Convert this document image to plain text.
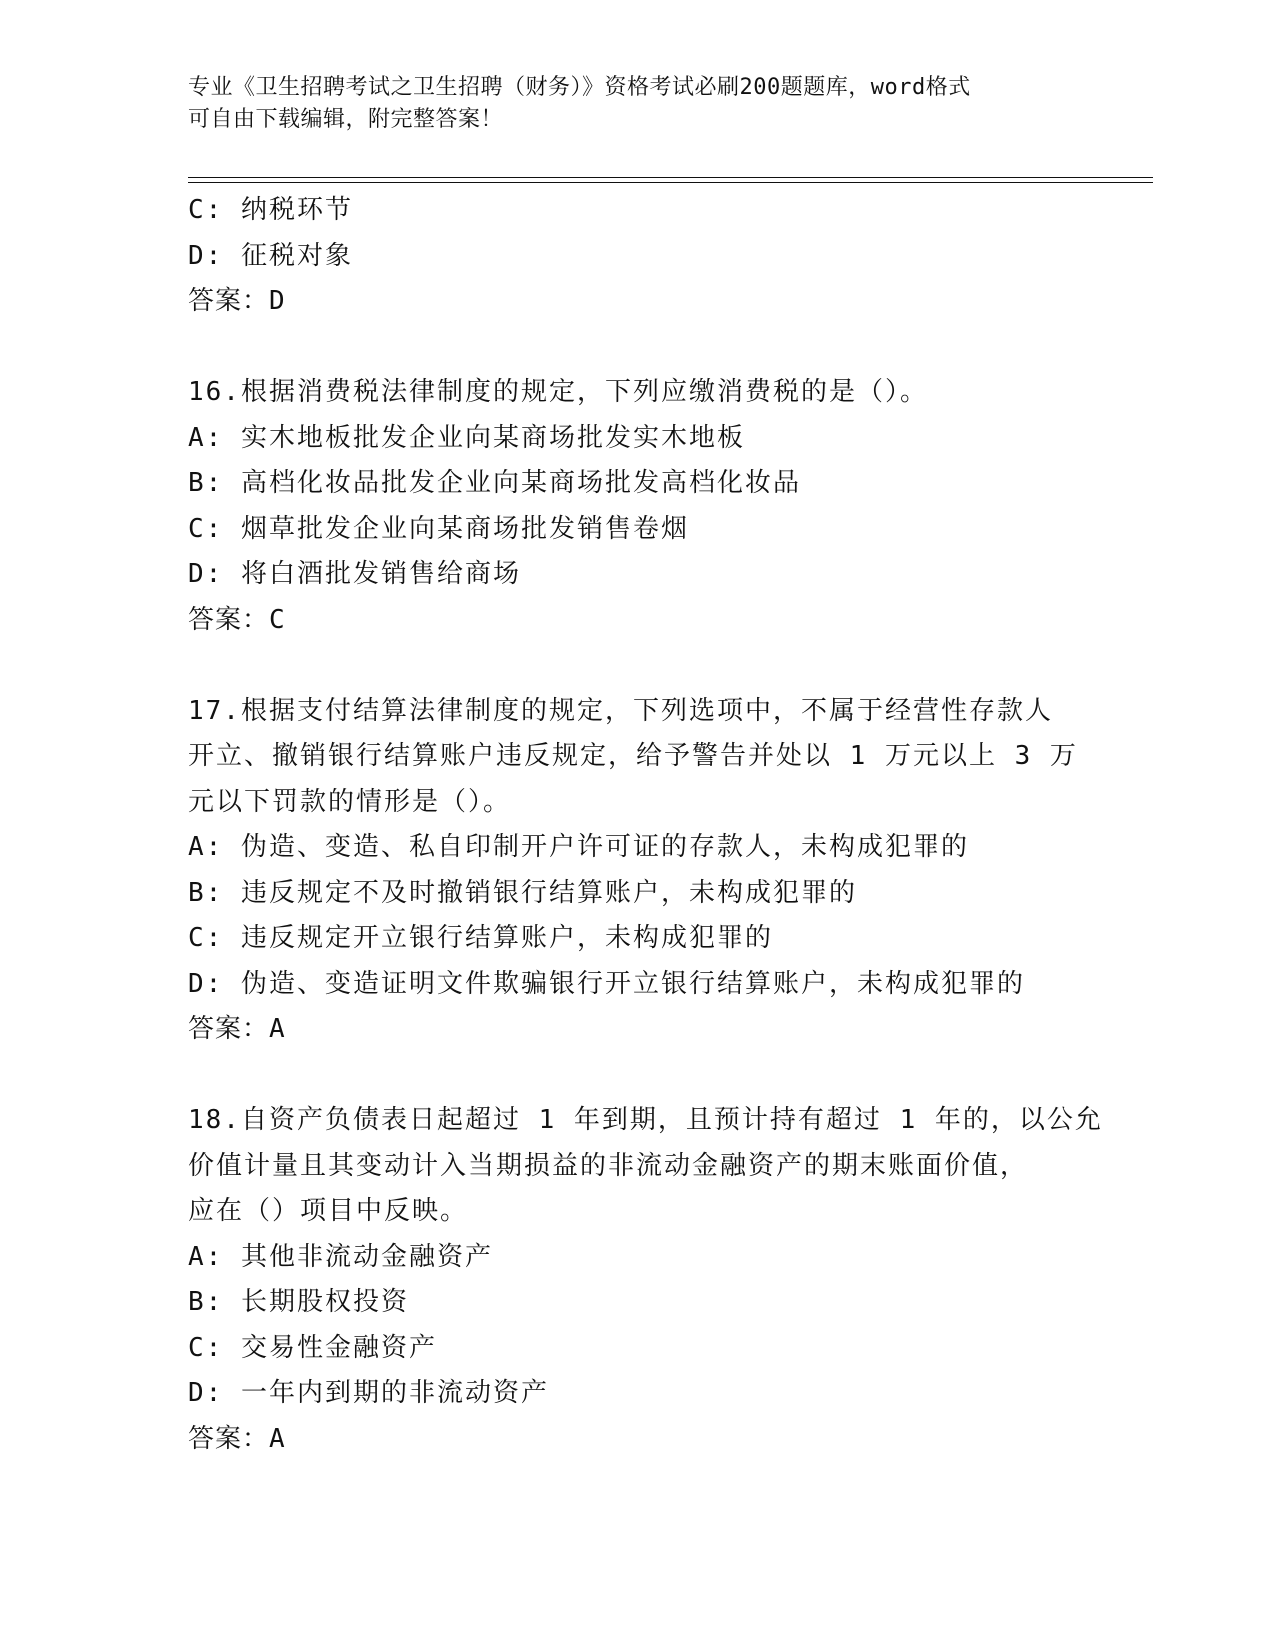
专业《卫生招聘考试之卫生招聘（财务）》资格考试必刷200题题库，word格式
可自由下载编辑，附完整答案！
C: 纳税环节
D: 征税对象
答案：D
16.根据消费税法律制度的规定，下列应缴消费税的是（）。
A: 实木地板批发企业向某商场批发实木地板
B: 高档化妆品批发企业向某商场批发高档化妆品
C: 烟草批发企业向某商场批发销售卷烟
D: 将白酒批发销售给商场
答案：C
17.根据支付结算法律制度的规定，下列选项中，不属于经营性存款人
开立、撤销银行结算账户违反规定，给予警告并处以 1 万元以上 3 万
元以下罚款的情形是（）。
A: 伪造、变造、私自印制开户许可证的存款人，未构成犯罪的
B: 违反规定不及时撤销银行结算账户，未构成犯罪的
C: 违反规定开立银行结算账户，未构成犯罪的
D: 伪造、变造证明文件欺骗银行开立银行结算账户，未构成犯罪的
答案：A
18.自资产负债表日起超过 1 年到期，且预计持有超过 1 年的，以公允
价值计量且其变动计入当期损益的非流动金融资产的期末账面价值，
应在（）项目中反映。
A: 其他非流动金融资产
B: 长期股权投资
C: 交易性金融资产
D: 一年内到期的非流动资产
答案：A
